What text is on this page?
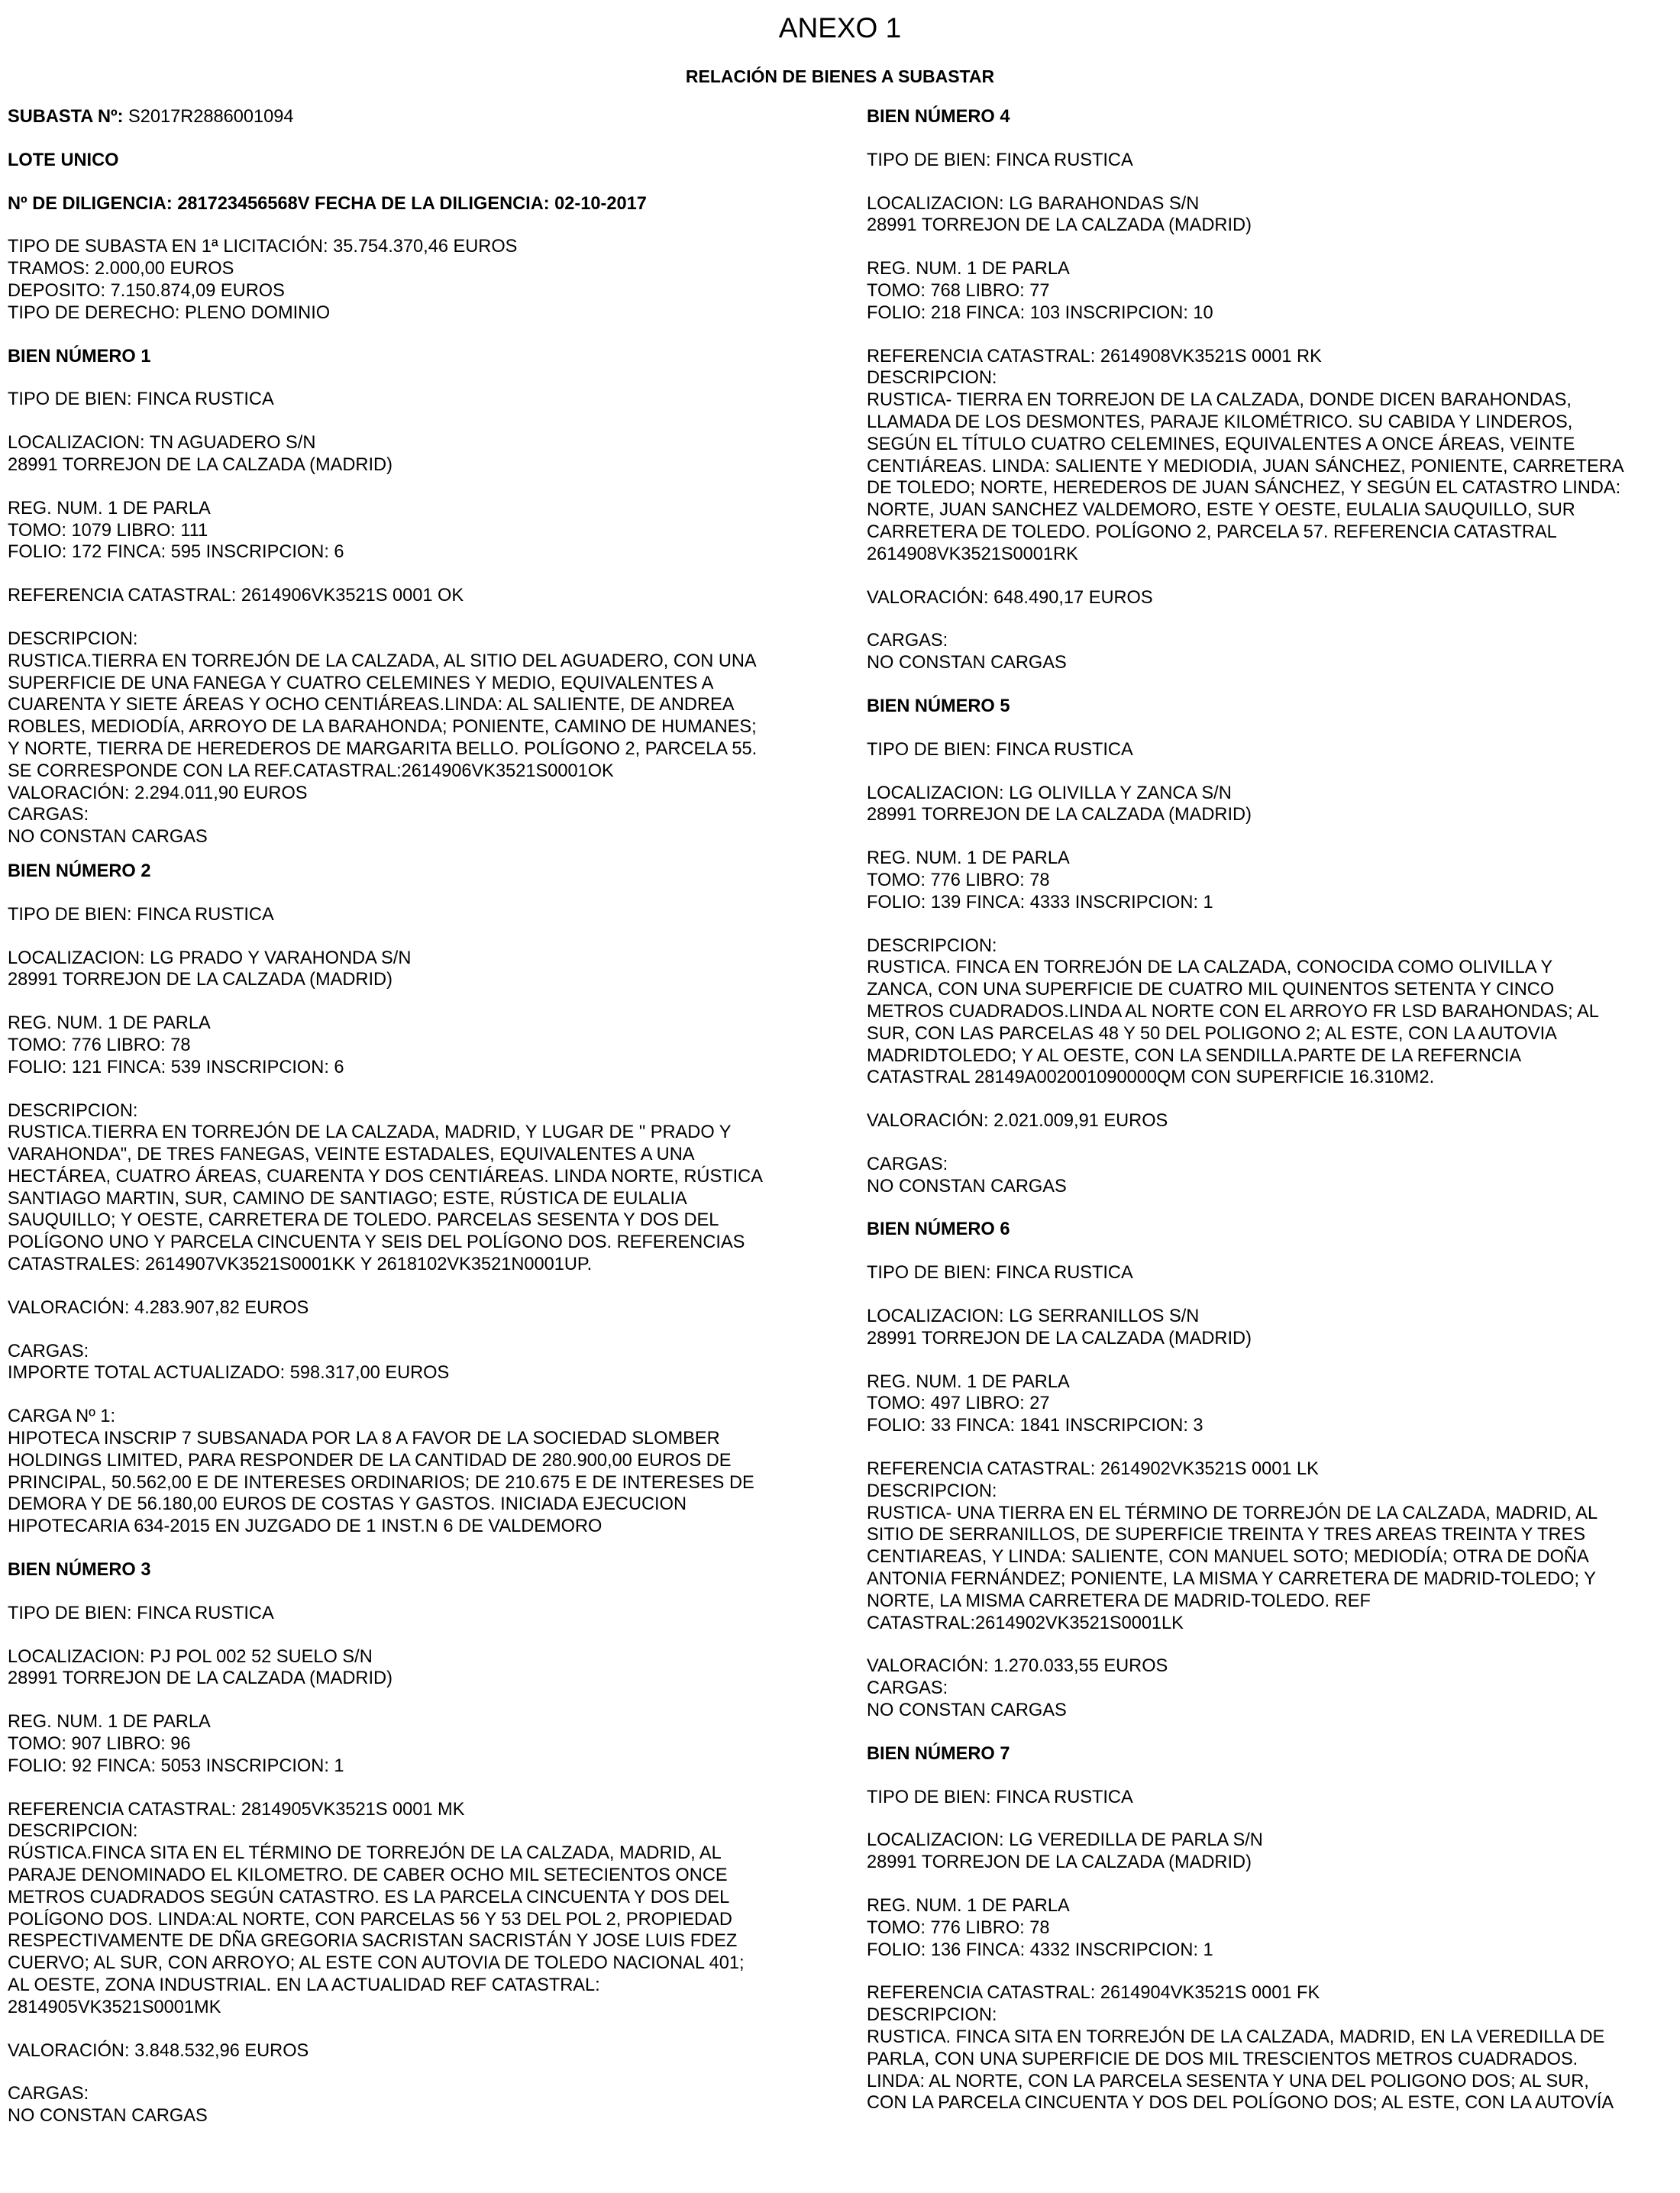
ANEXO 1
RELACIÓN DE BIENES A SUBASTAR
SUBASTA Nº: S2017R2886001094
LOTE UNICO
Nº DE DILIGENCIA: 281723456568V FECHA DE LA DILIGENCIA: 02-10-2017
TIPO DE SUBASTA EN 1ª LICITACIÓN: 35.754.370,46 EUROS
TRAMOS: 2.000,00 EUROS
DEPOSITO: 7.150.874,09 EUROS
TIPO DE DERECHO: PLENO DOMINIO
BIEN NÚMERO 1
TIPO DE BIEN: FINCA RUSTICA
LOCALIZACION: TN AGUADERO S/N
28991 TORREJON DE LA CALZADA (MADRID)
REG. NUM. 1 DE PARLA
TOMO: 1079 LIBRO: 111
FOLIO: 172 FINCA: 595 INSCRIPCION: 6
REFERENCIA CATASTRAL: 2614906VK3521S 0001 OK
DESCRIPCION:
RUSTICA.TIERRA EN TORREJÓN DE LA CALZADA, AL SITIO DEL AGUADERO, CON UNA
SUPERFICIE DE UNA FANEGA Y CUATRO CELEMINES Y MEDIO, EQUIVALENTES A
CUARENTA Y SIETE ÁREAS Y OCHO CENTIÁREAS.LINDA: AL SALIENTE, DE ANDREA
ROBLES, MEDIODÍA, ARROYO DE LA BARAHONDA; PONIENTE, CAMINO DE HUMANES;
Y NORTE, TIERRA DE HEREDEROS DE MARGARITA BELLO. POLÍGONO 2, PARCELA 55.
SE CORRESPONDE CON LA REF.CATASTRAL:2614906VK3521S0001OK
VALORACIÓN: 2.294.011,90 EUROS
CARGAS:
NO CONSTAN CARGAS
BIEN NÚMERO 2
TIPO DE BIEN: FINCA RUSTICA
LOCALIZACION: LG PRADO Y VARAHONDA S/N
28991 TORREJON DE LA CALZADA (MADRID)
REG. NUM. 1 DE PARLA
TOMO: 776 LIBRO: 78
FOLIO: 121 FINCA: 539 INSCRIPCION: 6
DESCRIPCION:
RUSTICA.TIERRA EN TORREJÓN DE LA CALZADA, MADRID, Y LUGAR DE " PRADO Y
VARAHONDA", DE TRES FANEGAS, VEINTE ESTADALES, EQUIVALENTES A UNA
HECTÁREA, CUATRO ÁREAS, CUARENTA Y DOS CENTIÁREAS. LINDA NORTE, RÚSTICA
SANTIAGO MARTIN, SUR, CAMINO DE SANTIAGO; ESTE, RÚSTICA DE EULALIA
SAUQUILLO; Y OESTE, CARRETERA DE TOLEDO. PARCELAS SESENTA Y DOS DEL
POLÍGONO UNO Y PARCELA CINCUENTA Y SEIS DEL POLÍGONO DOS. REFERENCIAS
CATASTRALES: 2614907VK3521S0001KK Y 2618102VK3521N0001UP.
VALORACIÓN: 4.283.907,82 EUROS
CARGAS:
IMPORTE TOTAL ACTUALIZADO: 598.317,00 EUROS
CARGA Nº 1:
HIPOTECA INSCRIP 7 SUBSANADA POR LA 8 A FAVOR DE LA SOCIEDAD SLOMBER
HOLDINGS LIMITED, PARA RESPONDER DE LA CANTIDAD DE 280.900,00 EUROS DE
PRINCIPAL, 50.562,00 E DE INTERESES ORDINARIOS; DE 210.675 E DE INTERESES DE
DEMORA Y DE 56.180,00 EUROS DE COSTAS Y GASTOS. INICIADA EJECUCION
HIPOTECARIA 634-2015 EN JUZGADO DE 1 INST.N 6 DE VALDEMORO
BIEN NÚMERO 3
TIPO DE BIEN: FINCA RUSTICA
LOCALIZACION: PJ POL 002 52 SUELO S/N
28991 TORREJON DE LA CALZADA (MADRID)
REG. NUM. 1 DE PARLA
TOMO: 907 LIBRO: 96
FOLIO: 92 FINCA: 5053 INSCRIPCION: 1
REFERENCIA CATASTRAL: 2814905VK3521S 0001 MK
DESCRIPCION:
RÚSTICA.FINCA SITA EN EL TÉRMINO DE TORREJÓN DE LA CALZADA, MADRID, AL
PARAJE DENOMINADO EL KILOMETRO. DE CABER OCHO MIL SETECIENTOS ONCE
METROS CUADRADOS SEGÚN CATASTRO. ES LA PARCELA CINCUENTA Y DOS DEL
POLÍGONO DOS. LINDA:AL NORTE, CON PARCELAS 56 Y 53 DEL POL 2, PROPIEDAD
RESPECTIVAMENTE DE DÑA GREGORIA SACRISTAN SACRISTÁN Y JOSE LUIS FDEZ
CUERVO; AL SUR, CON ARROYO; AL ESTE CON AUTOVIA DE TOLEDO NACIONAL 401;
AL OESTE, ZONA INDUSTRIAL. EN LA ACTUALIDAD REF CATASTRAL:
2814905VK3521S0001MK
VALORACIÓN: 3.848.532,96 EUROS
CARGAS:
NO CONSTAN CARGAS
BIEN NÚMERO 4
TIPO DE BIEN: FINCA RUSTICA
LOCALIZACION: LG BARAHONDAS S/N
28991 TORREJON DE LA CALZADA (MADRID)
REG. NUM. 1 DE PARLA
TOMO: 768 LIBRO: 77
FOLIO: 218 FINCA: 103 INSCRIPCION: 10
REFERENCIA CATASTRAL: 2614908VK3521S 0001 RK
DESCRIPCION:
RUSTICA- TIERRA EN TORREJON DE LA CALZADA, DONDE DICEN BARAHONDAS,
LLAMADA DE LOS DESMONTES, PARAJE KILOMÉTRICO. SU CABIDA Y LINDEROS,
SEGÚN EL TÍTULO CUATRO CELEMINES, EQUIVALENTES A ONCE ÁREAS, VEINTE
CENTIÁREAS. LINDA: SALIENTE Y MEDIODIA, JUAN SÁNCHEZ, PONIENTE, CARRETERA
DE TOLEDO; NORTE, HEREDEROS DE JUAN SÁNCHEZ, Y SEGÚN EL CATASTRO LINDA:
NORTE, JUAN SANCHEZ VALDEMORO, ESTE Y OESTE, EULALIA SAUQUILLO, SUR
CARRETERA DE TOLEDO. POLÍGONO 2, PARCELA 57. REFERENCIA CATASTRAL
2614908VK3521S0001RK
VALORACIÓN: 648.490,17 EUROS
CARGAS:
NO CONSTAN CARGAS
BIEN NÚMERO 5
TIPO DE BIEN: FINCA RUSTICA
LOCALIZACION: LG OLIVILLA Y ZANCA S/N
28991 TORREJON DE LA CALZADA (MADRID)
REG. NUM. 1 DE PARLA
TOMO: 776 LIBRO: 78
FOLIO: 139 FINCA: 4333 INSCRIPCION: 1
DESCRIPCION:
RUSTICA. FINCA EN TORREJÓN DE LA CALZADA, CONOCIDA COMO OLIVILLA Y
ZANCA, CON UNA SUPERFICIE DE CUATRO MIL QUINENTOS SETENTA Y CINCO
METROS CUADRADOS.LINDA AL NORTE CON EL ARROYO FR LSD BARAHONDAS; AL
SUR, CON LAS PARCELAS 48 Y 50 DEL POLIGONO 2; AL ESTE, CON LA AUTOVIA
MADRIDTOLEDO; Y AL OESTE, CON LA SENDILLA.PARTE DE LA REFERNCIA
CATASTRAL 28149A002001090000QM CON SUPERFICIE 16.310M2.
VALORACIÓN: 2.021.009,91 EUROS
CARGAS:
NO CONSTAN CARGAS
BIEN NÚMERO 6
TIPO DE BIEN: FINCA RUSTICA
LOCALIZACION: LG SERRANILLOS S/N
28991 TORREJON DE LA CALZADA (MADRID)
REG. NUM. 1 DE PARLA
TOMO: 497 LIBRO: 27
FOLIO: 33 FINCA: 1841 INSCRIPCION: 3
REFERENCIA CATASTRAL: 2614902VK3521S 0001 LK
DESCRIPCION:
RUSTICA- UNA TIERRA EN EL TÉRMINO DE TORREJÓN DE LA CALZADA, MADRID, AL
SITIO DE SERRANILLOS, DE SUPERFICIE TREINTA Y TRES AREAS TREINTA Y TRES
CENTIAREAS, Y LINDA: SALIENTE, CON MANUEL SOTO; MEDIODÍA; OTRA DE DOÑA
ANTONIA FERNÁNDEZ; PONIENTE, LA MISMA Y CARRETERA DE MADRID-TOLEDO; Y
NORTE, LA MISMA CARRETERA DE MADRID-TOLEDO. REF
CATASTRAL:2614902VK3521S0001LK
VALORACIÓN: 1.270.033,55 EUROS
CARGAS:
NO CONSTAN CARGAS
BIEN NÚMERO 7
TIPO DE BIEN: FINCA RUSTICA
LOCALIZACION: LG VEREDILLA DE PARLA S/N
28991 TORREJON DE LA CALZADA (MADRID)
REG. NUM. 1 DE PARLA
TOMO: 776 LIBRO: 78
FOLIO: 136 FINCA: 4332 INSCRIPCION: 1
REFERENCIA CATASTRAL: 2614904VK3521S 0001 FK
DESCRIPCION:
RUSTICA. FINCA SITA EN TORREJÓN DE LA CALZADA, MADRID, EN LA VEREDILLA DE
PARLA, CON UNA SUPERFICIE DE DOS MIL TRESCIENTOS METROS CUADRADOS.
LINDA: AL NORTE, CON LA PARCELA SESENTA Y UNA DEL POLIGONO DOS; AL SUR,
CON LA PARCELA CINCUENTA Y DOS DEL POLÍGONO DOS; AL ESTE, CON LA AUTOVÍA
